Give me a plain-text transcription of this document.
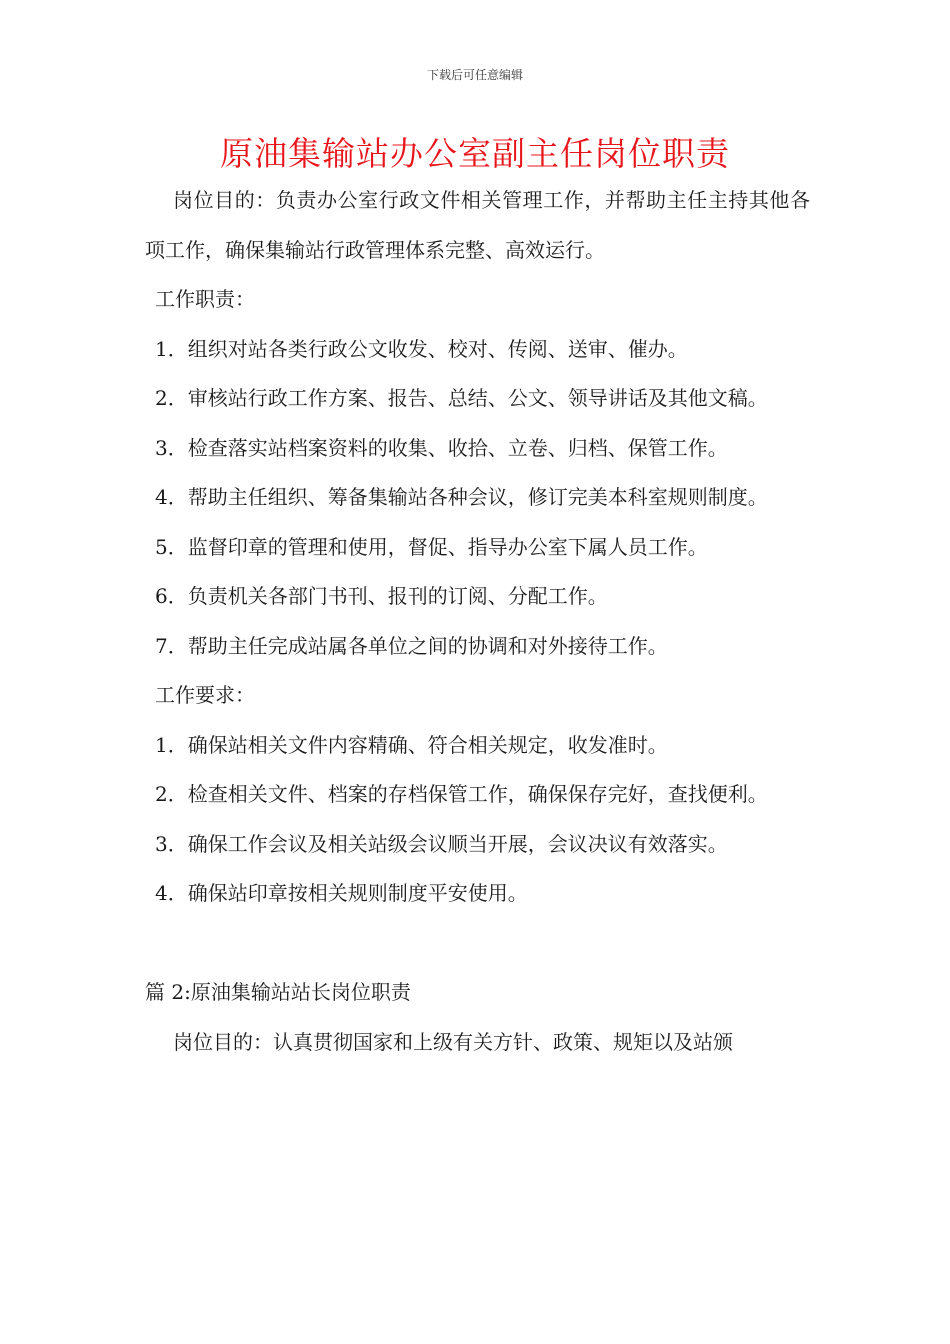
下载后可任意编辑
原油集输站办公室副主任岗位职责

岗位目的：负责办公室行政文件相关管理工作，并帮助主任主持其他各项工作，确保集输站行政管理体系完整、高效运行。

工作职责：

1．组织对站各类行政公文收发、校对、传阅、送审、催办。

2．审核站行政工作方案、报告、总结、公文、领导讲话及其他文稿。

3．检查落实站档案资料的收集、收拾、立卷、归档、保管工作。

4．帮助主任组织、筹备集输站各种会议，修订完美本科室规则制度。

5．监督印章的管理和使用，督促、指导办公室下属人员工作。

6．负责机关各部门书刊、报刊的订阅、分配工作。

7．帮助主任完成站属各单位之间的协调和对外接待工作。

工作要求：

1．确保站相关文件内容精确、符合相关规定，收发准时。

2．检查相关文件、档案的存档保管工作，确保保存完好，查找便利。

3．确保工作会议及相关站级会议顺当开展，会议决议有效落实。

4．确保站印章按相关规则制度平安使用。

篇 2:原油集输站站长岗位职责

岗位目的：认真贯彻国家和上级有关方针、政策、规矩以及站颁
